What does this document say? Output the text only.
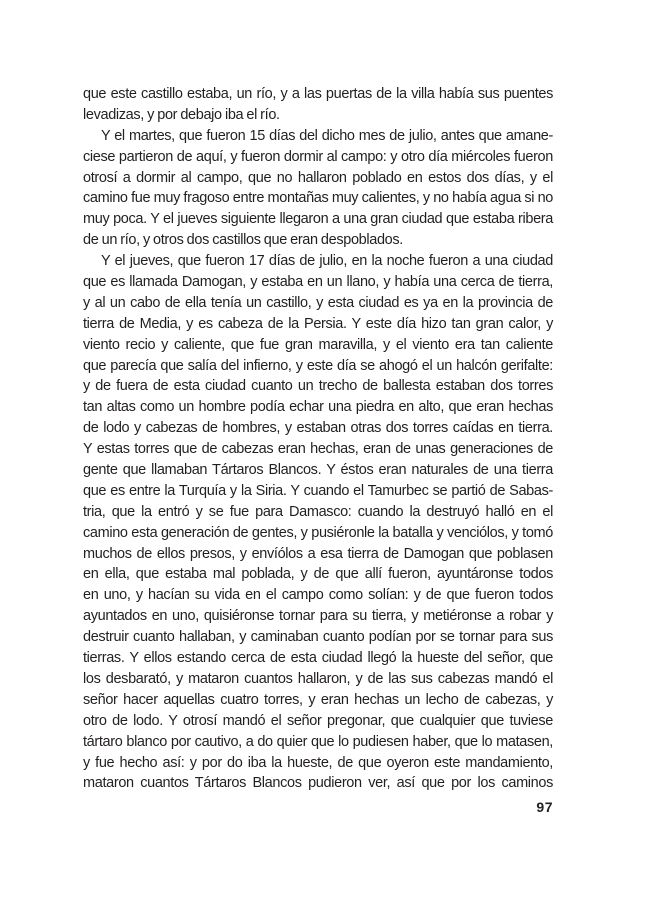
que este castillo estaba, un río, y a las puertas de la villa había sus puentes
levadizas, y por debajo iba el río.
Y el martes, que fueron 15 días del dicho mes de julio, antes que amane-
ciese partieron de aquí, y fueron dormir al campo: y otro día miércoles fueron
otrosí a dormir al campo, que no hallaron poblado en estos dos días, y el
camino fue muy fragoso entre montañas muy calientes, y no había agua si no
muy poca. Y el jueves siguiente llegaron a una gran ciudad que estaba ribera
de un río, y otros dos castillos que eran despoblados.
Y el jueves, que fueron 17 días de julio, en la noche fueron a una ciudad
que es llamada Damogan, y estaba en un llano, y había una cerca de tierra,
y al un cabo de ella tenía un castillo, y esta ciudad es ya en la provincia de
tierra de Media, y es cabeza de la Persia. Y este día hizo tan gran calor, y
viento recio y caliente, que fue gran maravilla, y el viento era tan caliente
que parecía que salía del infierno, y este día se ahogó el un halcón gerifalte:
y de fuera de esta ciudad cuanto un trecho de ballesta estaban dos torres
tan altas como un hombre podía echar una piedra en alto, que eran hechas
de lodo y cabezas de hombres, y estaban otras dos torres caídas en tierra.
Y estas torres que de cabezas eran hechas, eran de unas generaciones de
gente que llamaban Tártaros Blancos. Y éstos eran naturales de una tierra
que es entre la Turquía y la Siria. Y cuando el Tamurbec se partió de Sabas-
tria, que la entró y se fue para Damasco: cuando la destruyó halló en el
camino esta generación de gentes, y pusiéronle la batalla y venciólos, y tomó
muchos de ellos presos, y envíólos a esa tierra de Damogan que poblasen
en ella, que estaba mal poblada, y de que allí fueron, ayuntáronse todos
en uno, y hacían su vida en el campo como solían: y de que fueron todos
ayuntados en uno, quisiéronse tornar para su tierra, y metiéronse a robar y
destruir cuanto hallaban, y caminaban cuanto podían por se tornar para sus
tierras. Y ellos estando cerca de esta ciudad llegó la hueste del señor, que
los desbarató, y mataron cuantos hallaron, y de las sus cabezas mandó el
señor hacer aquellas cuatro torres, y eran hechas un lecho de cabezas, y
otro de lodo. Y otrosí mandó el señor pregonar, que cualquier que tuviese
tártaro blanco por cautivo, a do quier que lo pudiesen haber, que lo matasen,
y fue hecho así: y por do iba la hueste, de que oyeron este mandamiento,
mataron cuantos Tártaros Blancos pudieron ver, así que por los caminos
97
